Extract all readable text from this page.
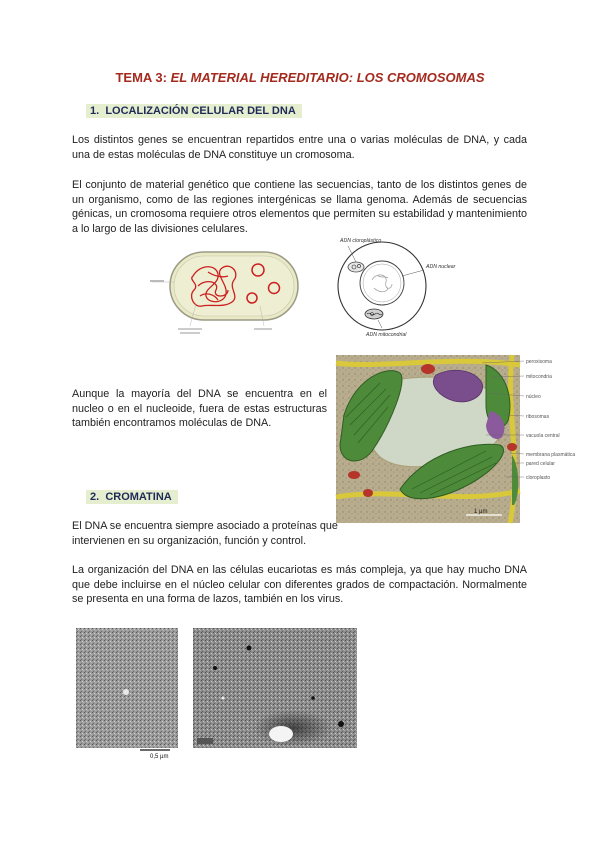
TEMA 3: EL MATERIAL HEREDITARIO: LOS CROMOSOMAS
1. LOCALIZACIÓN CELULAR DEL DNA
Los distintos genes se encuentran repartidos entre una o varias moléculas de DNA, y cada una de estas moléculas de DNA constituye un cromosoma.
El conjunto de material genético que contiene las secuencias, tanto de los distintos genes de un organismo, como de las regiones intergénicas se llama genoma. Además de secuencias génicas, un cromosoma requiere otros elementos que permiten su estabilidad y mantenimiento a lo largo de las divisiones celulares.
ADN cloroplástico
ADN nuclear
ADN mitocondrial
1 µm
peroxisoma
mitocondria
núcleo
ribosomas
vacuola central
membrana plasmática
pared celular
cloroplasto
Aunque la mayoría del DNA se encuentra en el nucleo o en el nucleoide, fuera de estas estructuras también encontramos moléculas de DNA.
2. CROMATINA
El DNA se encuentra siempre asociado a proteínas que intervienen en su organización, función y control.
La organización del DNA en las células eucariotas es más compleja, ya que hay mucho DNA que debe incluirse en el núcleo celular con diferentes grados de compactación. Normalmente se presenta en una forma de lazos, también en los virus.
0,5 µm
